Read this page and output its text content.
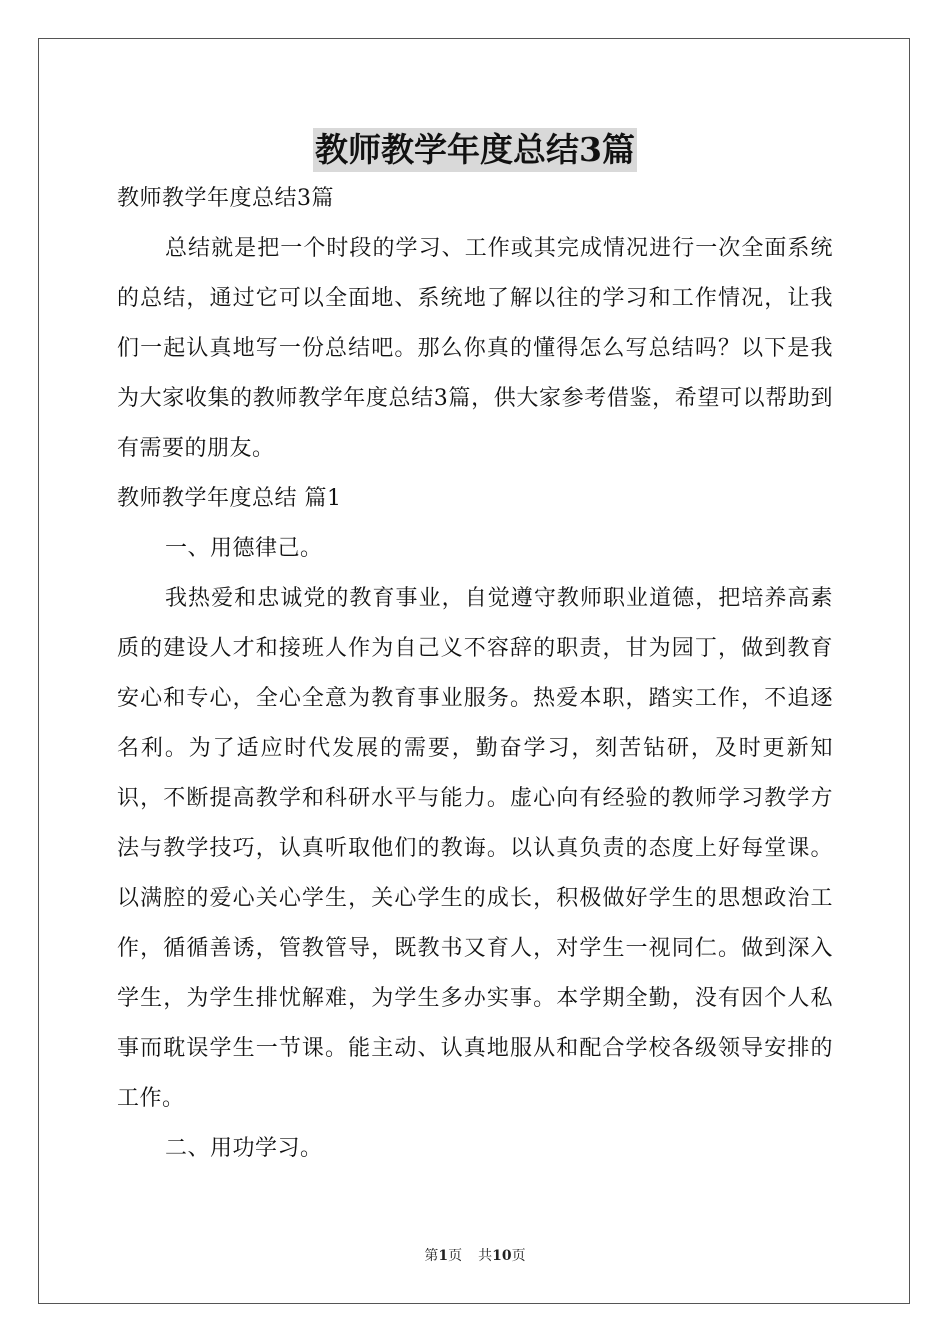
教师教学年度总结3篇

教师教学年度总结3篇

总结就是把一个时段的学习、工作或其完成情况进行一次全面系统的总结，通过它可以全面地、系统地了解以往的学习和工作情况，让我们一起认真地写一份总结吧。那么你真的懂得怎么写总结吗？以下是我为大家收集的教师教学年度总结3篇，供大家参考借鉴，希望可以帮助到有需要的朋友。

教师教学年度总结 篇1

一、用德律己。

我热爱和忠诚党的教育事业，自觉遵守教师职业道德，把培养高素质的建设人才和接班人作为自己义不容辞的职责，甘为园丁，做到教育安心和专心，全心全意为教育事业服务。热爱本职，踏实工作，不追逐名利。为了适应时代发展的需要，勤奋学习，刻苦钻研，及时更新知识，不断提高教学和科研水平与能力。虚心向有经验的教师学习教学方法与教学技巧，认真听取他们的教诲。以认真负责的态度上好每堂课。以满腔的爱心关心学生，关心学生的成长，积极做好学生的思想政治工作，循循善诱，管教管导，既教书又育人，对学生一视同仁。做到深入学生，为学生排忧解难，为学生多办实事。本学期全勤，没有因个人私事而耽误学生一节课。能主动、认真地服从和配合学校各级领导安排的工作。

二、用功学习。

第1页 共10页
